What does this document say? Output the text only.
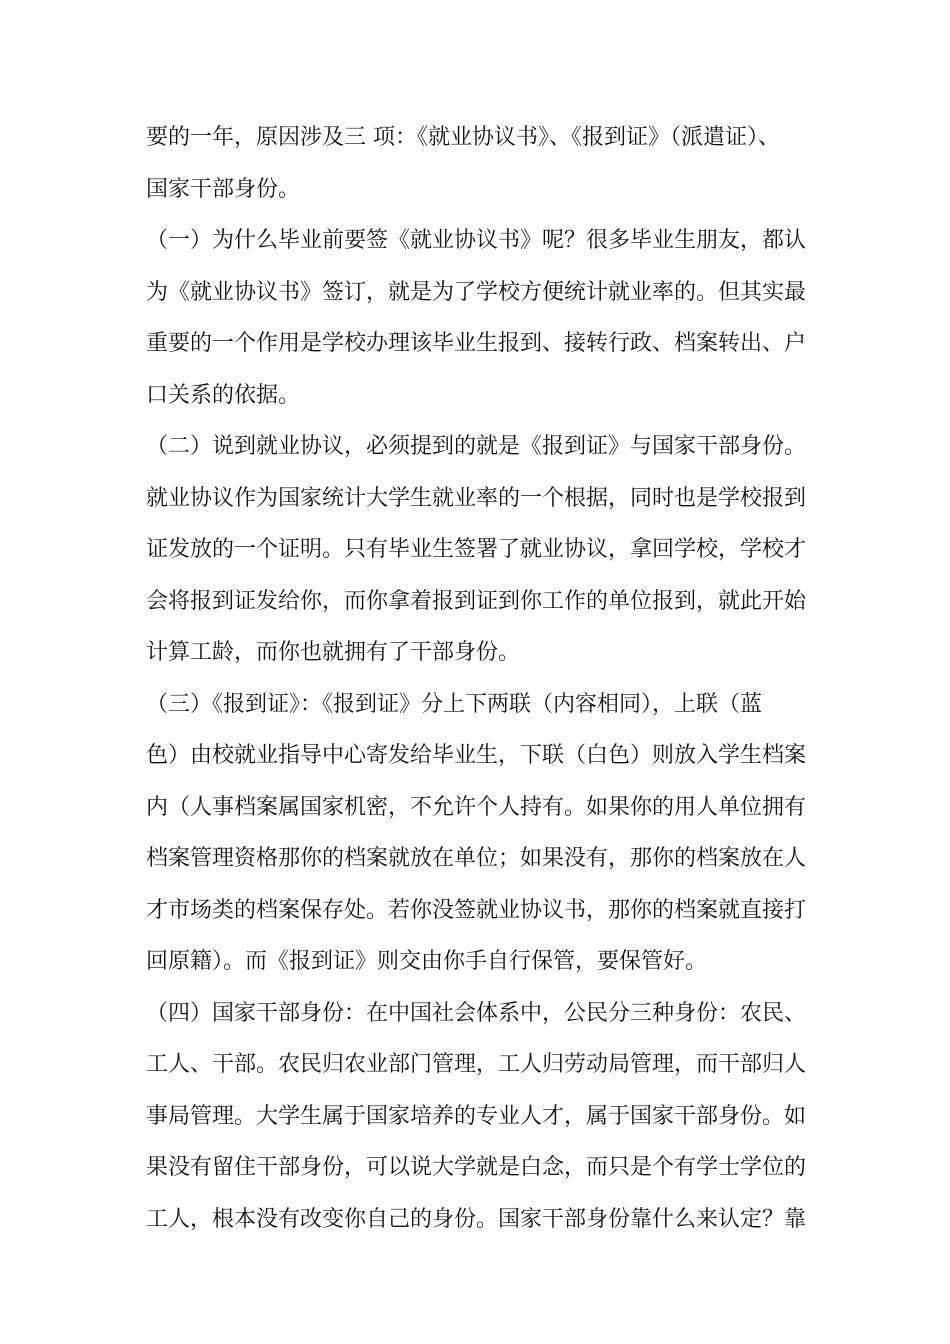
要的一年，原因涉及三 项：《就业协议书》、《报到证》（派遣证）、
国家干部身份。
（一）为什么毕业前要签《就业协议书》呢？很多毕业生朋友，都认
为《就业协议书》签订，就是为了学校方便统计就业率的。但其实最
重要的一个作用是学校办理该毕业生报到、接转行政、档案转出、户
口关系的依据。
（二）说到就业协议，必须提到的就是《报到证》与国家干部身份。
就业协议作为国家统计大学生就业率的一个根据，同时也是学校报到
证发放的一个证明。只有毕业生签署了就业协议，拿回学校，学校才
会将报到证发给你，而你拿着报到证到你工作的单位报到，就此开始
计算工龄，而你也就拥有了干部身份。
（三）《报到证》：《报到证》分上下两联（内容相同），上联（蓝
色）由校就业指导中心寄发给毕业生，下联（白色）则放入学生档案
内（人事档案属国家机密，不允许个人持有。如果你的用人单位拥有
档案管理资格那你的档案就放在单位；如果没有，那你的档案放在人
才市场类的档案保存处。若你没签就业协议书，那你的档案就直接打
回原籍）。而《报到证》则交由你手自行保管，要保管好。
（四）国家干部身份：在中国社会体系中，公民分三种身份：农民、
工人、干部。农民归农业部门管理，工人归劳动局管理，而干部归人
事局管理。大学生属于国家培养的专业人才，属于国家干部身份。如
果没有留住干部身份，可以说大学就是白念，而只是个有学士学位的
工人，根本没有改变你自己的身份。国家干部身份靠什么来认定？靠
